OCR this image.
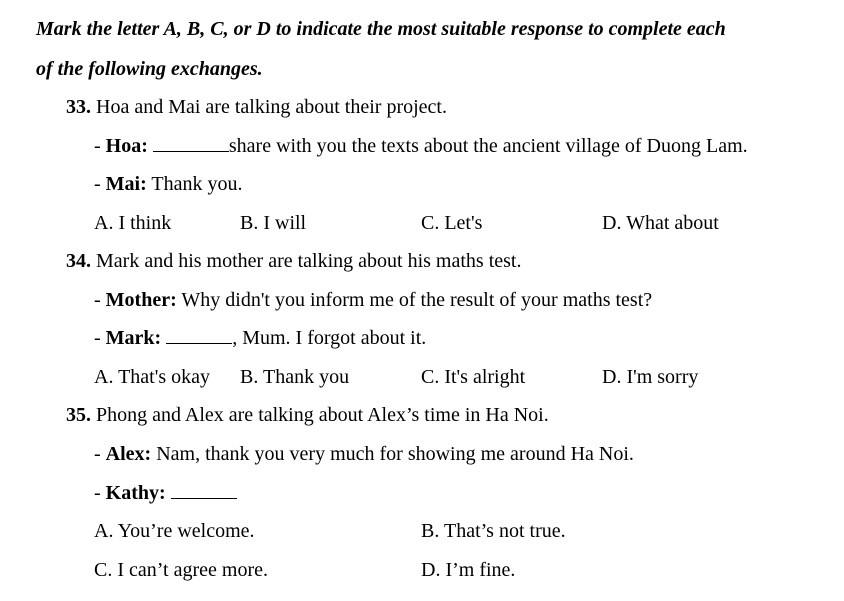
Mark the letter A, B, C, or D to indicate the most suitable response to complete each
of the following exchanges.
33. Hoa and Mai are talking about their project.
- Hoa:	share with you the texts about the ancient village of Duong Lam.
- Mai: Thank you.
A. I think	B. I will	C. Let's	D. What about
34. Mark and his mother are talking about his maths test.
- Mother: Why didn't you inform me of the result of your maths test?
- Mark:	, Mum. I forgot about it.
A. That's okay B. Thank you	C. It's alright	D. I'm sorry
35. Phong and Alex are talking about Alex’s time in Ha Noi.
- Alex: Nam, thank you very much for showing me around Ha Noi.
- Kathy:
A. You’re welcome.	B. That’s not true.
C. I can’t agree more.	D. I’m fine.
